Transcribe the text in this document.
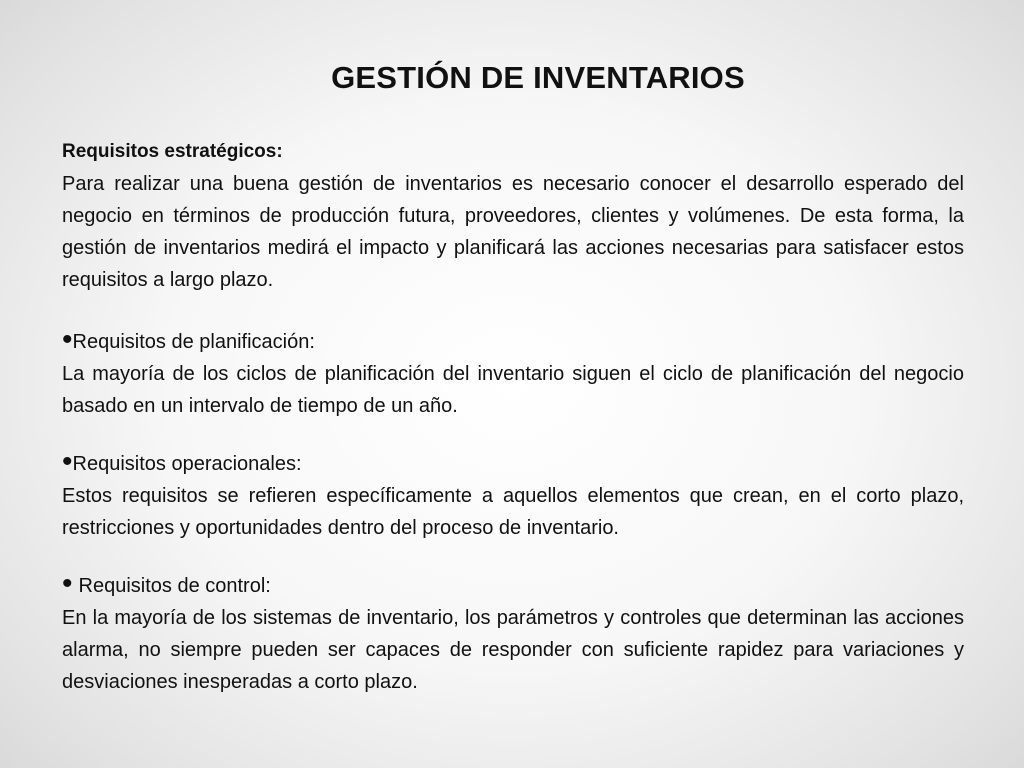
GESTIÓN DE INVENTARIOS
Requisitos estratégicos:

Para realizar una buena gestión de inventarios es necesario conocer el desarrollo esperado del negocio en términos de producción futura, proveedores, clientes y volúmenes. De esta forma, la gestión de inventarios medirá el impacto y planificará las acciones necesarias para satisfacer estos requisitos a largo plazo.

•Requisitos de planificación:

La mayoría de los ciclos de planificación del inventario siguen el ciclo de planificación del negocio basado en un intervalo de tiempo de un año.

•Requisitos operacionales:

Estos requisitos se refieren específicamente a aquellos elementos que crean, en el corto plazo, restricciones y oportunidades dentro del proceso de inventario.

• Requisitos de control:

En la mayoría de los sistemas de inventario, los parámetros y controles que determinan las acciones alarma, no siempre pueden ser capaces de responder con suficiente rapidez para variaciones y desviaciones inesperadas a corto plazo.
